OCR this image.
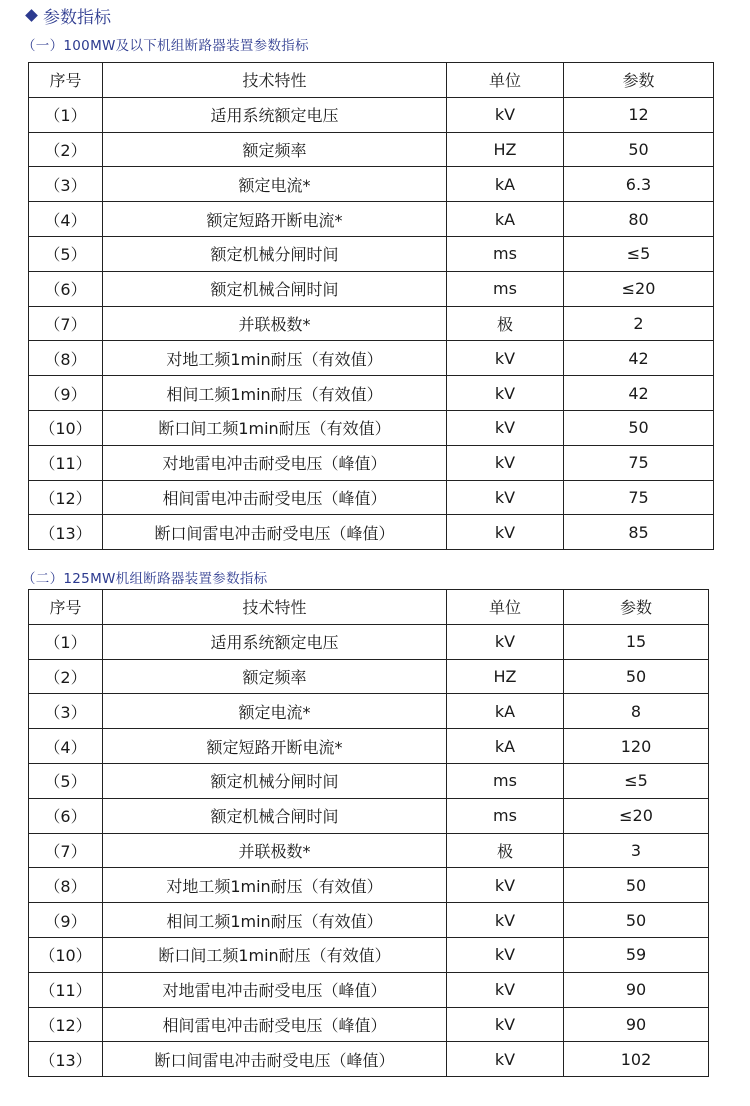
参数指标
（一）100MW及以下机组断路器装置参数指标
序号	技术特性	单位	参数
（1）	适用系统额定电压	kV	12
（2）	额定频率	HZ	50
（3）	额定电流*	kA	6.3
（4）	额定短路开断电流*	kA	80
（5）	额定机械分闸时间	ms	≤5
（6）	额定机械合闸时间	ms	≤20
（7）	并联极数*	极	2
（8）	对地工频1min耐压（有效值）	kV	42
（9）	相间工频1min耐压（有效值）	kV	42
（10）	断口间工频1min耐压（有效值）	kV	50
（11）	对地雷电冲击耐受电压（峰值）	kV	75
（12）	相间雷电冲击耐受电压（峰值）	kV	75
（13）	断口间雷电冲击耐受电压（峰值）	kV	85
（二）125MW机组断路器装置参数指标
序号	技术特性	单位	参数
（1）	适用系统额定电压	kV	15
（2）	额定频率	HZ	50
（3）	额定电流*	kA	8
（4）	额定短路开断电流*	kA	120
（5）	额定机械分闸时间	ms	≤5
（6）	额定机械合闸时间	ms	≤20
（7）	并联极数*	极	3
（8）	对地工频1min耐压（有效值）	kV	50
（9）	相间工频1min耐压（有效值）	kV	50
（10）	断口间工频1min耐压（有效值）	kV	59
（11）	对地雷电冲击耐受电压（峰值）	kV	90
（12）	相间雷电冲击耐受电压（峰值）	kV	90
（13）	断口间雷电冲击耐受电压（峰值）	kV	102
